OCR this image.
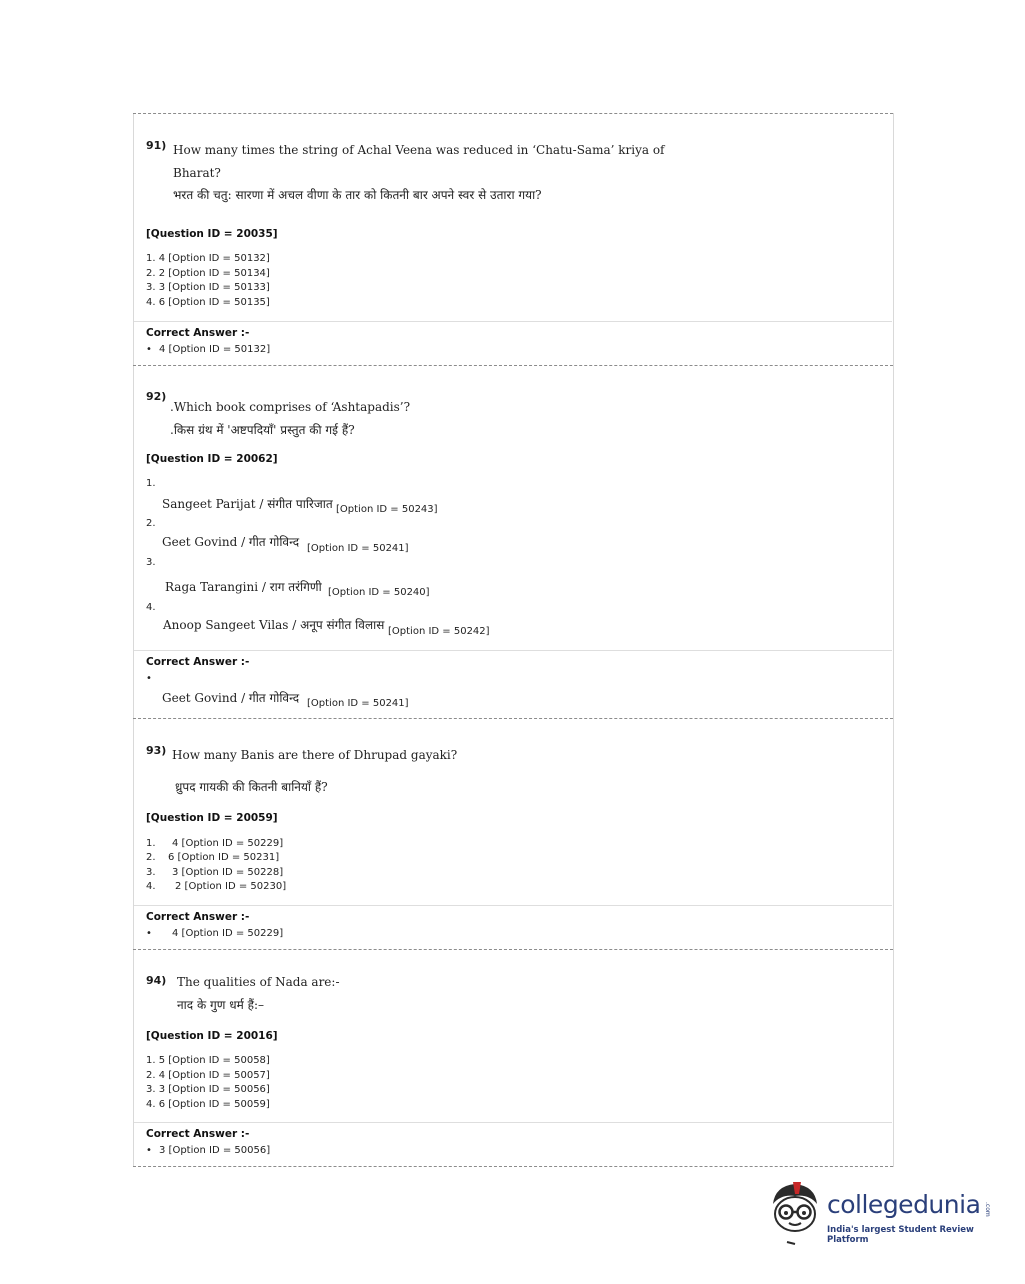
91) How many times the string of Achal Veena was reduced in ‘Chatu-Sama’ kriya of
Bharat?
भरत की चतु: सारणा में अचल वीणा के तार को कितनी बार अपने स्वर से उतारा गया?
[Question ID = 20035]
1. 4 [Option ID = 50132]
2. 2 [Option ID = 50134]
3. 3 [Option ID = 50133]
4. 6 [Option ID = 50135]
Correct Answer :-
• 4 [Option ID = 50132]
92)
.Which book comprises of ‘Ashtapadis’?
.किस ग्रंथ में 'अष्टपदियाँ' प्रस्तुत की गई हैं?
[Question ID = 20062]
1.
Sangeet Parijat / संगीत पारिजात [Option ID = 50243]
2.
Geet Govind / गीत गोविन्द [Option ID = 50241]
3.
Raga Tarangini / राग तरंगिणी [Option ID = 50240]
4.
Anoop Sangeet Vilas / अनूप संगीत विलास [Option ID = 50242]
Correct Answer :-
•
Geet Govind / गीत गोविन्द [Option ID = 50241]
93) How many Banis are there of Dhrupad gayaki?
ध्रुपद गायकी की कितनी बानियाँ हैं?
[Question ID = 20059]
1. 4 [Option ID = 50229]
2. 6 [Option ID = 50231]
3. 3 [Option ID = 50228]
4. 2 [Option ID = 50230]
Correct Answer :-
• 4 [Option ID = 50229]
94) The qualities of Nada are:-
नाद के गुण धर्म हैं:–
[Question ID = 20016]
1. 5 [Option ID = 50058]
2. 4 [Option ID = 50057]
3. 3 [Option ID = 50056]
4. 6 [Option ID = 50059]
Correct Answer :-
• 3 [Option ID = 50056]
collegedunia .com
India's largest Student Review Platform
